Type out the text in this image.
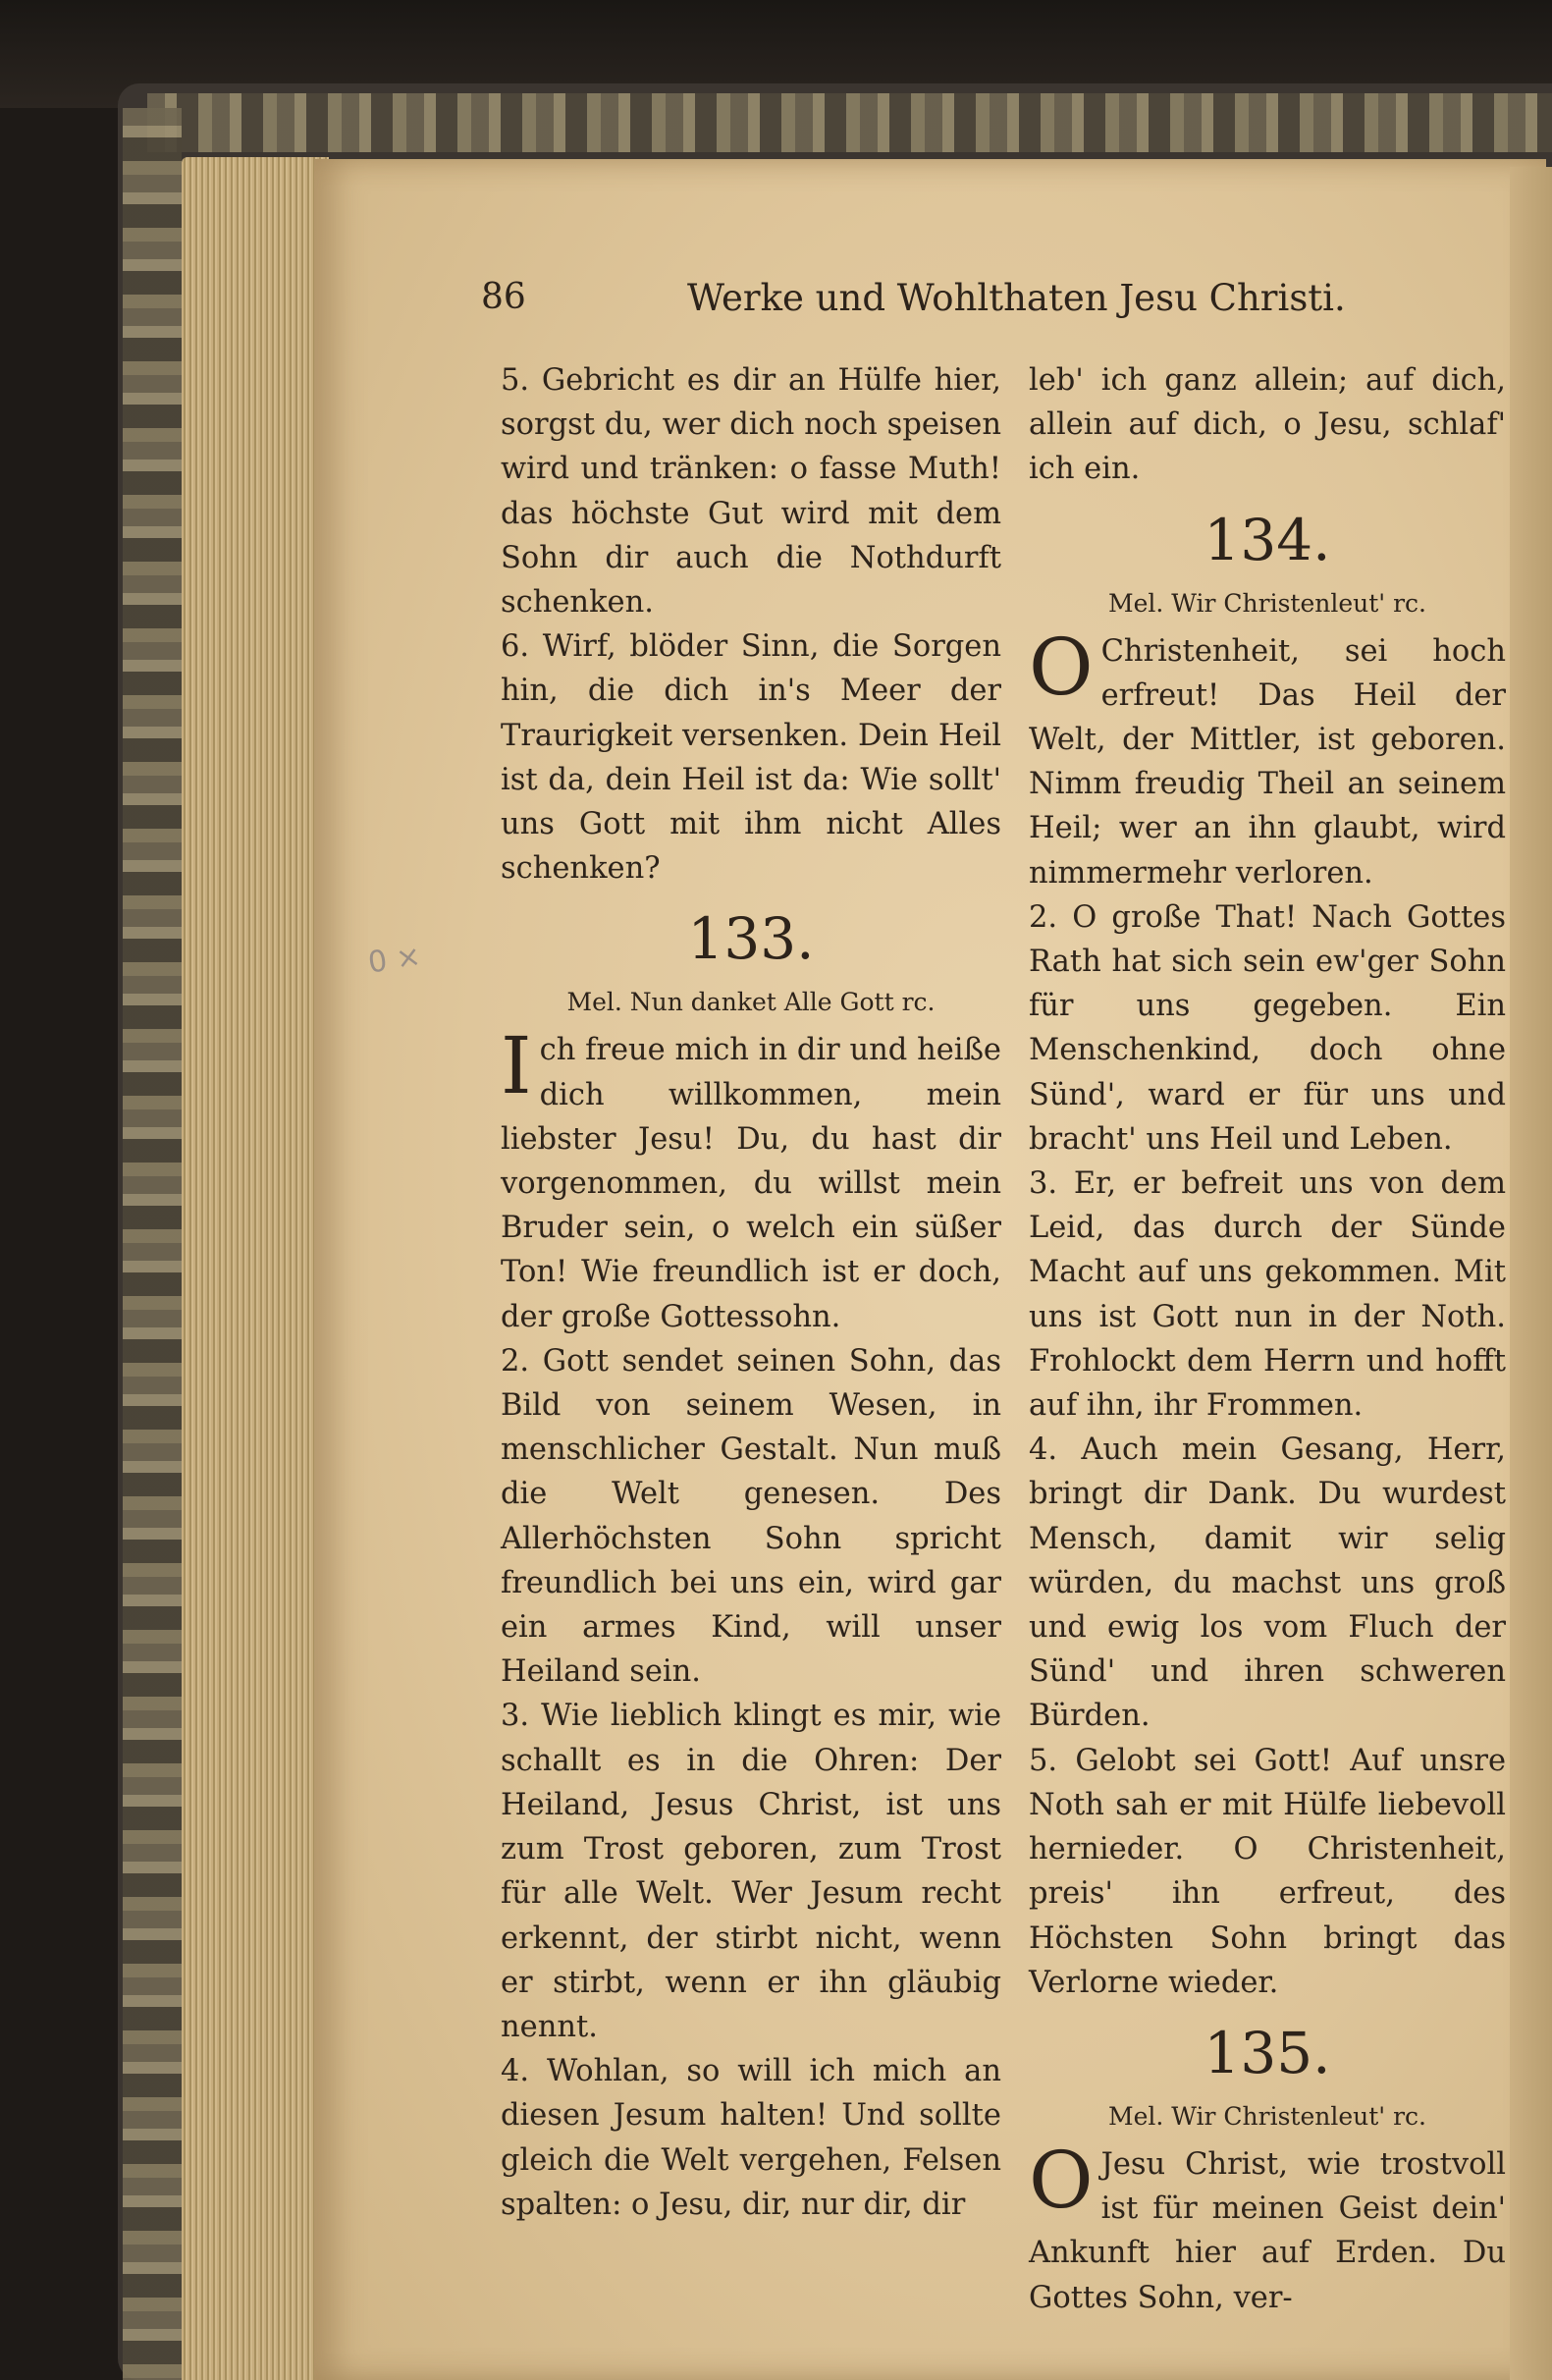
86	Werke und Wohlthaten Jesu Christi.
0 ×

5. Gebricht es dir an Hülfe hier, sorgst du, wer dich noch speisen wird und tränken: o fasse Muth! das höchste Gut wird mit dem Sohn dir auch die Nothdurft schenken.

6. Wirf, blöder Sinn, die Sorgen hin, die dich in's Meer der Traurigkeit versenken. Dein Heil ist da, dein Heil ist da: Wie sollt' uns Gott mit ihm nicht Alles schenken?

133.
Mel. Nun danket Alle Gott rc.

Ich freue mich in dir und heiße dich willkommen, mein liebster Jesu! Du, du hast dir vorgenommen, du willst mein Bruder sein, o welch ein süßer Ton! Wie freundlich ist er doch, der große Gottessohn.

2. Gott sendet seinen Sohn, das Bild von seinem Wesen, in menschlicher Gestalt. Nun muß die Welt genesen. Des Allerhöchsten Sohn spricht freundlich bei uns ein, wird gar ein armes Kind, will unser Heiland sein.

3. Wie lieblich klingt es mir, wie schallt es in die Ohren: Der Heiland, Jesus Christ, ist uns zum Trost geboren, zum Trost für alle Welt. Wer Jesum recht erkennt, der stirbt nicht, wenn er stirbt, wenn er ihn gläubig nennt.

4. Wohlan, so will ich mich an diesen Jesum halten! Und sollte gleich die Welt vergehen, Felsen spalten: o Jesu, dir, nur dir, dir

leb' ich ganz allein; auf dich, allein auf dich, o Jesu, schlaf' ich ein.

134.
Mel. Wir Christenleut' rc.

O Christenheit, sei hoch erfreut! Das Heil der Welt, der Mittler, ist geboren. Nimm freudig Theil an seinem Heil; wer an ihn glaubt, wird nimmermehr verloren.

2. O große That! Nach Gottes Rath hat sich sein ew'ger Sohn für uns gegeben. Ein Menschenkind, doch ohne Sünd', ward er für uns und bracht' uns Heil und Leben.

3. Er, er befreit uns von dem Leid, das durch der Sünde Macht auf uns gekommen. Mit uns ist Gott nun in der Noth. Frohlockt dem Herrn und hofft auf ihn, ihr Frommen.

4. Auch mein Gesang, Herr, bringt dir Dank. Du wurdest Mensch, damit wir selig würden, du machst uns groß und ewig los vom Fluch der Sünd' und ihren schweren Bürden.

5. Gelobt sei Gott! Auf unsre Noth sah er mit Hülfe liebevoll hernieder. O Christenheit, preis' ihn erfreut, des Höchsten Sohn bringt das Verlorne wieder.

135.
Mel. Wir Christenleut' rc.

O Jesu Christ, wie trostvoll ist für meinen Geist dein' Ankunft hier auf Erden. Du Gottes Sohn, ver-
